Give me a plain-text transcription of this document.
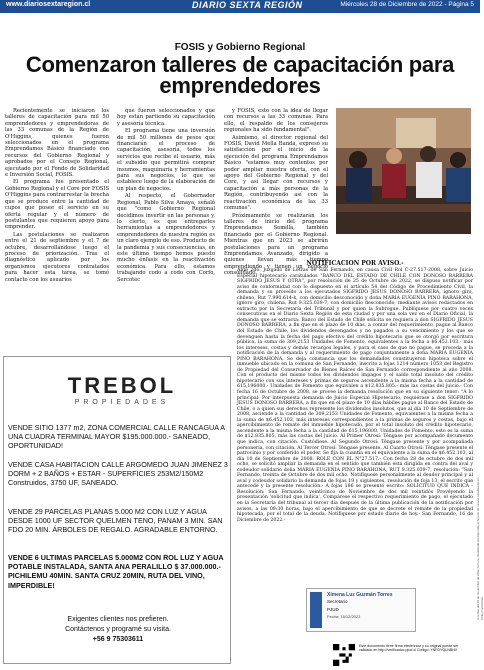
www.diariosextaregion.cl	DIARIO SEXTA REGIÓN	Miércoles 28 de Diciembre de 2022 - Página 5
FOSIS y Gobierno Regional
Comenzaron talleres de capacitación para emprendedores

Recientemente se iniciaron los talleres de capacitación para mil 50 emprendedores y emprendedoras de las 33 comunas de la Región de O'Higgins, quienes fueron seleccionados en el programa Emprendamos Básico financiado con recursos del Gobierno Regional y aprobados por el Consejo Regional, ejecutado por el Fondo de Solidaridad e Inversión Social, FOSIS.

El programa fue presentado el Gobierno Regional y el Core por FOSIS O'Higgins para contrarrestar la brecha que se produce entre la cantidad de cupos que posee el servicio en su oferta regular y el número de postulantes que requieren apoyo para emprender.

Las postulaciones se realizaron entre el 21 de septiembre y el 7 de octubre, desarrollándose luego el proceso de priorización. Tras el diagnóstico aplicado por los organismos ejecutores contratados para hacer esta tarea, se tomó contacto con los usuarios

que fueron seleccionados y que hoy están partiendo su capacitación y asesoría técnica.

El programa tiene una inversión de mil 50 millones de pesos que financiarán el proceso de capacitación, asesoría, todos los servicios que recibe el usuario, más el subsidio que permitirá comprar insumos, maquinaria y herramientas para sus negocios, lo que se establece luego de la elaboración de un plan de negocios.

Al respecto, el Gobernador Regional, Pablo Silva Amaya, señaló que "como Gobierno Regional decidimos invertir en las personas y, lo cierto, es que entregarles herramientas a emprendedores y emprendedores de nuestra región es un claro ejemplo de eso. Producto de la pandemia y sus consecuencias, en este último tiempo hemos puesto mucho énfasis en la reactivación económica. Para ello, estamos trabajando codo a codo con Corfo, Sercotec

y FOSIS, esto con la idea de llegar con recursos a las 33 comunas. Para ello, el respaldo de los consejeros regionales ha sido fundamental".

Asimismo, el director regional del FOSIS, David Mella Banda, expresó su satisfacción por el inicio de la ejecución del programa Emprendamos Básico "estamos muy contentos por poder ampliar nuestra oferta, con el apoyo del Gobierno Regional y del Core, y así llegar con recursos y capacitación a más personas de la Región, contribuyendo así con la reactivación económica de las 33 comunas".

Próximamente se realizarán los talleres de inicio del programa Emprendamos Semilla, también financiado por el Gobierno Regional. Mientras que en 2023 se abrirán postulaciones para un programa Emprendamos Avanzado, dirigido a quienes llevan más tiempo emprendiendo y tienen un negocio consolidado.

TREBOL
PROPIEDADES
VENDE SITIO 1377 m2, ZONA COMERCIAL CALLE RANCAGUA A UNA CUADRA TERMINAL MAYOR $195.000.000.- SANEADO, OPORTUNIDAD!
VENDE CASA HABITACION CALLE ARGOMEDO JUAN JIMENEZ 3 DORM + 2 BAÑOS + ESTAR - SUPERFICIES 253M2/150M2 Construidos, 3750 UF, SANEADO.
VENDE 29 PARCELAS PLANAS 5.000 M2 CON LUZ Y AGUA DESDE 1000 UF SECTOR QUELMEN TENO, PANAM 3 MIN. SAN FDO 20 MIN. ÁRBOLES DE REGALO. AGRADABLE ENTORNO.
VENDE 6 ULTIMAS PARCELAS 5.000M2 CON ROL LUZ Y AGUA POTABLE INSTALADA, SANTA ANA PERALILLO $ 37.000.000.-PICHILEMU 40MIN. SANTA CRUZ 20MIN, RUTA DEL VINO, IMPERDIBLE!
Exigentes clientes nos prefieren.
Contáctenos y programé su visita.
+56 9 75303611
NOTIFICACION POR AVISO.-
Ante 2do. Juzgado de Letras de San Fernando, en causa Civil Rol C-27.517-2008, sobre Juicio Especial hipotecario caratulados "BANCO DEL ESTADO DE CHILE CON DONOSO BARRERA SIGFRIDO JESUS Y OTRA", por resolución de 25 de Octubre de 2022, se dispuso notificar por aviso de conformidad con lo dispuesto en el artículo 54 del Código de Procedimiento Civil, la demanda y su proveído a los ejecutados SIGFRIDO JESUS DONOSO BARRERA, ignoro giro, chileno, Rut 7.990.614-k, con domicilio desconocido y doña MARIA EUGENIA PINO BARAHONA, ignoro giro, chilena, Rut 9.325.039-7, con domicilio desconocido, mediante avisos redactados en extracto por la Secretaría del Tribunal y por quien la Subrogue. Publíquese por cuatro veces consecutivas en el Diario Sexta Región de esta ciudad y por una sola vez en el Diario Oficial, la demanda que se extracta: Banco del Estado de Chile solicita se requiera a don SIGFRIDO JESUS DONOSO BARRERA, a fin que en el plazo de 10 días, a contar del requerimiento, pague al Banco del Estado de Chile, los dividendos devengados y no pagados a su vencimiento y los que se devenguen hasta la fecha del pago efectivo del crédito hipotecario que se otorgó por escritura pública, la suma de 309,2153 Unidades de Fomento, equivalentes a la fecha a $6.452.103.- más los intereses, costas y demás recargos legales, y para el caso de que no pague, se proceda a la notificación de la demanda y al requerimiento de pago conjuntamente a doña MARIA EUGENIA PINO BARAHONA. Se deja constancia que los demandados constituyeron hipoteca sobre el inmueble ubicado en la comuna de San Fernando, inscrito a fojas 1214 número 1053 del Registro de Propiedad del Conservador de Bienes Raíces de San Fernando correspondiente al año 2008. Con el producto del mismo todos los dividendos impagos y el saldo total insoluto del crédito hipotecario con sus intereses y primas de seguros ascendente a la misma fecha a la cantidad de 615,196000.- Unidades de Fomento que equivalen a $12.835.805.- más las costas del juicio.- Con fecha 16 de Octubre de 2008, se provee la demanda resolución que en su siguiente tenor: "A lo principal: Por interpuesta demanda de Juicio Especial Hipotecario, requiérase a don SIGFRIDO JESUS DONOSO BARRERA, a fin que en el plazo de 10 días hábiles pague al Banco del Estado de Chile, o a quien sus derechos represente los dividendos insolutos, que al día 10 de Septiembre de 2008, asciende a la cantidad de 309,2153 Unidades de Fomento, equivalentes a la misma fecha a la suma de $6.452.103, más intereses correspondientes a la primas de seguros y costas, bajo el apercibimiento de remate del inmueble hipotecado, por el total insoluto del crédito hipotecario, ascendente a la misma fecha a la cantidad de 615,196000. Unidades de Fomento, esto es la suma de $12.835.805, más las costas del juicio. Al Primer Otrosí: Téngase por acompañado documento que indica, con citación. Custódiese. Al Segundo Otrosí: Téngase presente y por acompañada personería, con citación. Al Tercer Otrosí: Téngase presente. Al Cuarto Otrosí: Téngase presente el patrocinio y por conferido el poder. Se fija la cuantía en el equivalente a la suma de $6.452.103, al día 10 de Septiembre de 2008. ROLE CON EL N°27.517.- Con fecha 28 de octubre de dos mil ocho, se solicitó ampliar la demanda en el sentido que también está dirigida en contra del aval y codeudor solidario doña MARIA EUGENIA PINO BARAHONA, RUT 9.325.039-7, resolución: "San Fernando, treinta de Octubre de dos mil ocho. Notifíquese personalmente al deudor principal y al aval y codeudor solidario la demanda de fojas 19 y siguientes, resolución de foja 13, el escrito que antecede y la presente resolución.- A fojas 186 se presentó escrito: SOLICITUD QUE INDICA - Resolución: San Fernando, veinticinco de Noviembre de dos mil veintidós Provéyendo la presentación 'solicitud que indica', Compárese el respectivo requerimiento de pago, el ejecutado en la Secretaría del tribunal al tercer día después de la última publicación de la notificación por avisos, a las 09:30 horas, bajo el apercibimiento de que se decrete el remate de la propiedad hipotecada, por el total de la deuda. Notifíquese por estado diario de hoy.- San Fernando, 16 de Diciembre de 2022.-
Ximena Luz Guzmán Torres
Secretario
PJUD
Fecha: 16/12/2022
Este documento tiene firma electrónica y su original puede ser validado en http://verificadoc.pjud.cl Código: YNFDYQLNBHX
A contar del 29 de noviembre de 2022, la hora visualizada corresponde al horario de verano establecido en Chile Continental.
